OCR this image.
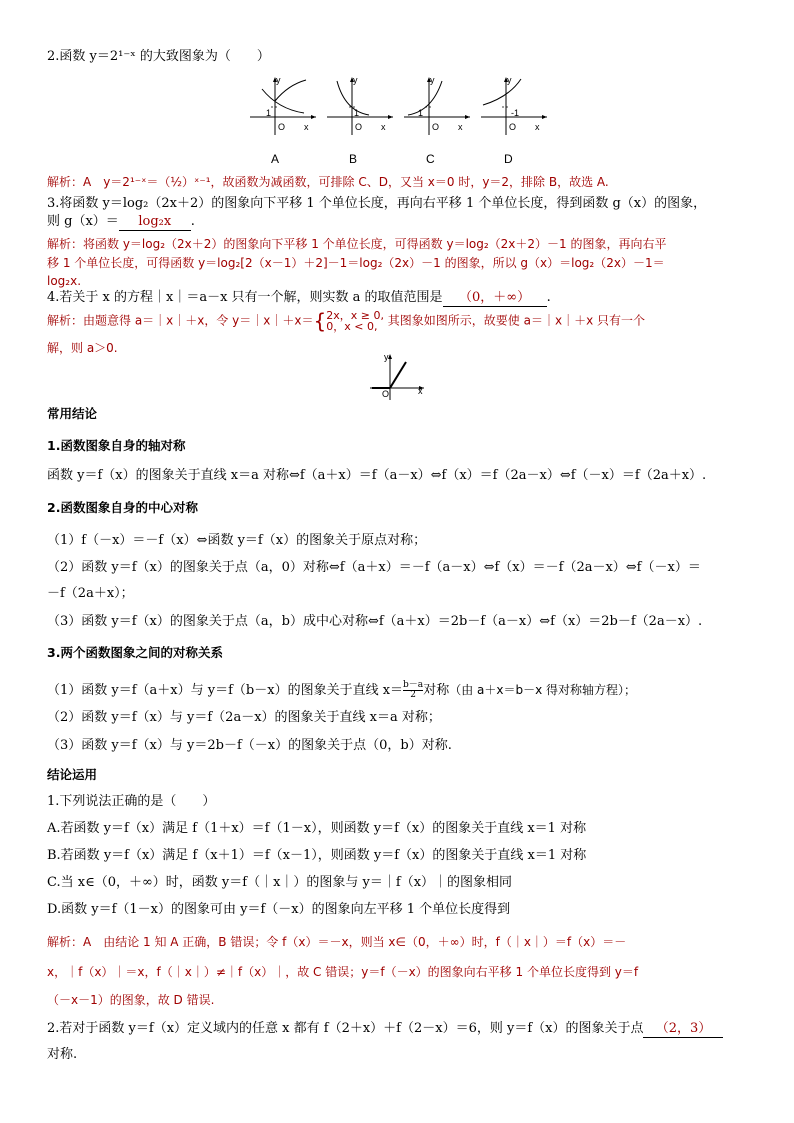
2.函数 y＝2¹⁻ˣ 的大致图象为（　　）
y
1
O x
A
y
1
O x
B
y
1
O x
C
y
-1
O x
D
解析：A　y＝2¹⁻ˣ＝（½）ˣ⁻¹，故函数为减函数，可排除 C、D，又当 x＝0 时，y＝2，排除 B，故选 A.
3.将函数 y＝log₂（2x＋2）的图象向下平移 1 个单位长度，再向右平移 1 个单位长度，得到函数 g（x）的图象，
则 g（x）＝ log₂x .
解析：将函数 y＝log₂（2x＋2）的图象向下平移 1 个单位长度，可得函数 y＝log₂（2x＋2）－1 的图象，再向右平
移 1 个单位长度，可得函数 y＝log₂[2（x－1）＋2]－1＝log₂（2x）－1 的图象，所以 g（x）＝log₂（2x）－1＝
log₂x.
4.若关于 x 的方程｜x｜＝a－x 只有一个解，则实数 a 的取值范围是 （0，＋∞） .
解析：由题意得 a＝｜x｜＋x，令 y＝｜x｜＋x＝{2x，x ≥ 0,
0，x < 0, 其图象如图所示，故要使 a＝｜x｜＋x 只有一个
解，则 a＞0.
y
O	x
常用结论
1.函数图象自身的轴对称
函数 y＝f（x）的图象关于直线 x＝a 对称⇔f（a＋x）＝f（a－x）⇔f（x）＝f（2a－x）⇔f（－x）＝f（2a＋x）.
2.函数图象自身的中心对称
（1）f（－x）＝－f（x）⇔函数 y＝f（x）的图象关于原点对称；
（2）函数 y＝f（x）的图象关于点（a，0）对称⇔f（a＋x）＝－f（a－x）⇔f（x）＝－f（2a－x）⇔f（－x）＝
－f（2a＋x）；
（3）函数 y＝f（x）的图象关于点（a，b）成中心对称⇔f（a＋x）＝2b－f（a－x）⇔f（x）＝2b－f（2a－x）.
3.两个函数图象之间的对称关系
（1）函数 y＝f（a＋x）与 y＝f（b－x）的图象关于直线 $x= \frac{b-a}{2}$ 对称（由 a＋x＝b－x 得对称轴方程）；
（2）函数 y＝f（x）与 y＝f（2a－x）的图象关于直线 x＝a 对称；
（3）函数 y＝f（x）与 y＝2b－f（－x）的图象关于点（0，b）对称.
结论运用
1.下列说法正确的是（　　）
A.若函数 y＝f（x）满足 f（1＋x）＝f（1－x），则函数 y＝f（x）的图象关于直线 x＝1 对称
B.若函数 y＝f（x）满足 f（x＋1）＝f（x－1），则函数 y＝f（x）的图象关于直线 x＝1 对称
C.当 x∈（0，＋∞）时，函数 y＝f（｜x｜）的图象与 y＝｜f（x）｜的图象相同
D.函数 y＝f（1－x）的图象可由 y＝f（－x）的图象向左平移 1 个单位长度得到
解析：A　由结论 1 知 A 正确，B 错误；令 f（x）＝－x，则当 x∈（0，＋∞）时，f（｜x｜）＝f（x）＝－
x，｜f（x）｜＝x，f（｜x｜）≠｜f（x）｜，故 C 错误；y＝f（－x）的图象向右平移 1 个单位长度得到 y＝f
（－x－1）的图象，故 D 错误.
2.若对于函数 y＝f（x）定义域内的任意 x 都有 f（2＋x）＋f（2－x）＝6，则 y＝f（x）的图象关于点 （2，3）
对称.
